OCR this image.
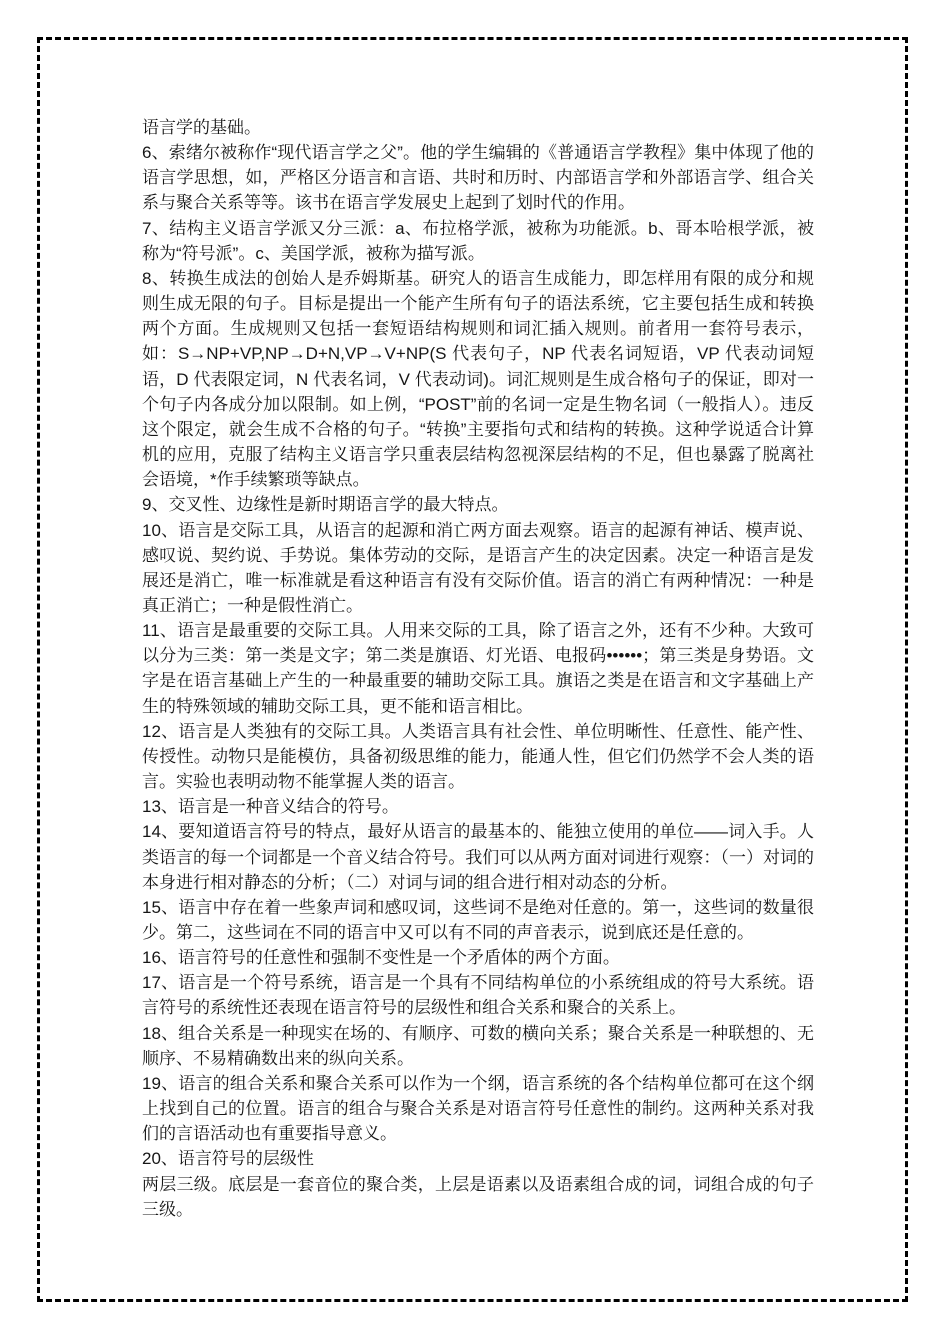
语言学的基础。

6、索绪尔被称作“现代语言学之父”。他的学生编辑的《普通语言学教程》集中体现了他的语言学思想，如，严格区分语言和言语、共时和历时、内部语言学和外部语言学、组合关系与聚合关系等等。该书在语言学发展史上起到了划时代的作用。

7、结构主义语言学派又分三派：a、布拉格学派，被称为功能派。b、哥本哈根学派，被称为“符号派”。c、美国学派，被称为描写派。

8、转换生成法的创始人是乔姆斯基。研究人的语言生成能力，即怎样用有限的成分和规则生成无限的句子。目标是提出一个能产生所有句子的语法系统，它主要包括生成和转换两个方面。生成规则又包括一套短语结构规则和词汇插入规则。前者用一套符号表示，如：S→NP+VP,NP→D+N,VP→V+NP(S 代表句子，NP 代表名词短语，VP 代表动词短语，D 代表限定词，N 代表名词，V 代表动词)。词汇规则是生成合格句子的保证，即对一个句子内各成分加以限制。如上例，“POST”前的名词一定是生物名词（一般指人）。违反这个限定，就会生成不合格的句子。“转换”主要指句式和结构的转换。这种学说适合计算机的应用，克服了结构主义语言学只重表层结构忽视深层结构的不足，但也暴露了脱离社会语境，*作手续繁琐等缺点。

9、交叉性、边缘性是新时期语言学的最大特点。

10、语言是交际工具，从语言的起源和消亡两方面去观察。语言的起源有神话、模声说、感叹说、契约说、手势说。集体劳动的交际，是语言产生的决定因素。决定一种语言是发展还是消亡，唯一标准就是看这种语言有没有交际价值。语言的消亡有两种情况：一种是真正消亡；一种是假性消亡。

11、语言是最重要的交际工具。人用来交际的工具，除了语言之外，还有不少种。大致可以分为三类：第一类是文字；第二类是旗语、灯光语、电报码••••••；第三类是身势语。文字是在语言基础上产生的一种最重要的辅助交际工具。旗语之类是在语言和文字基础上产生的特殊领域的辅助交际工具，更不能和语言相比。

12、语言是人类独有的交际工具。人类语言具有社会性、单位明晰性、任意性、能产性、传授性。动物只是能模仿，具备初级思维的能力，能通人性，但它们仍然学不会人类的语言。实验也表明动物不能掌握人类的语言。

13、语言是一种音义结合的符号。

14、要知道语言符号的特点，最好从语言的最基本的、能独立使用的单位——词入手。人类语言的每一个词都是一个音义结合符号。我们可以从两方面对词进行观察：（一）对词的本身进行相对静态的分析；（二）对词与词的组合进行相对动态的分析。

15、语言中存在着一些象声词和感叹词，这些词不是绝对任意的。第一，这些词的数量很少。第二，这些词在不同的语言中又可以有不同的声音表示，说到底还是任意的。

16、语言符号的任意性和强制不变性是一个矛盾体的两个方面。

17、语言是一个符号系统，语言是一个具有不同结构单位的小系统组成的符号大系统。语言符号的系统性还表现在语言符号的层级性和组合关系和聚合的关系上。

18、组合关系是一种现实在场的、有顺序、可数的横向关系；聚合关系是一种联想的、无顺序、不易精确数出来的纵向关系。

19、语言的组合关系和聚合关系可以作为一个纲，语言系统的各个结构单位都可在这个纲上找到自己的位置。语言的组合与聚合关系是对语言符号任意性的制约。这两种关系对我们的言语活动也有重要指导意义。

20、语言符号的层级性

两层三级。底层是一套音位的聚合类，上层是语素以及语素组合成的词，词组合成的句子三级。
